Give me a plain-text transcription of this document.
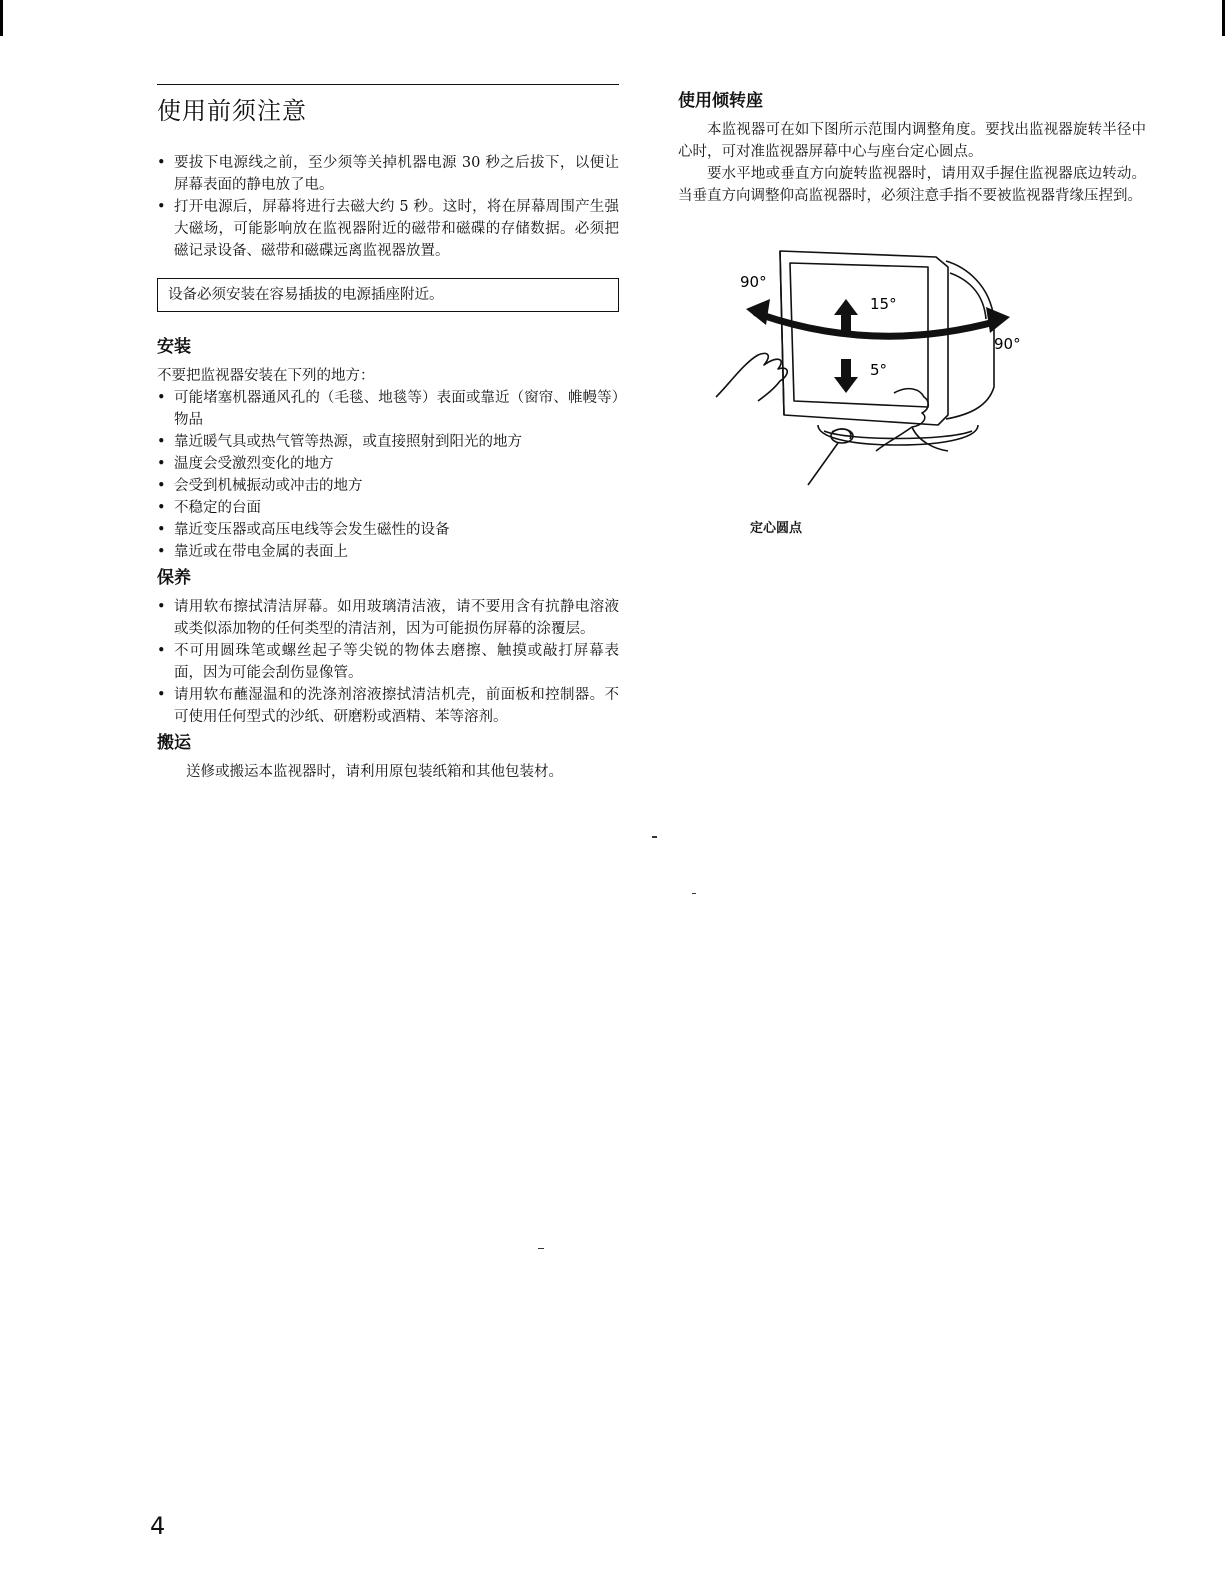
使用前须注意
• 要拔下电源线之前，至少须等关掉机器电源 30 秒之后拔下，以便让屏幕表面的静电放了电。
• 打开电源后，屏幕将进行去磁大约 5 秒。这时，将在屏幕周围产生强大磁场，可能影响放在监视器附近的磁带和磁碟的存储数据。必须把磁记录设备、磁带和磁碟远离监视器放置。
设备必须安装在容易插拔的电源插座附近。
安装

不要把监视器安装在下列的地方：

• 可能堵塞机器通风孔的（毛毯、地毯等）表面或靠近（窗帘、帷幔等）物品
• 靠近暖气具或热气管等热源，或直接照射到阳光的地方
• 温度会受激烈变化的地方
• 会受到机械振动或冲击的地方
• 不稳定的台面
• 靠近变压器或高压电线等会发生磁性的设备
• 靠近或在带电金属的表面上
保养
• 请用软布擦拭清洁屏幕。如用玻璃清洁液，请不要用含有抗静电溶液或类似添加物的任何类型的清洁剂，因为可能损伤屏幕的涂覆层。
• 不可用圆珠笔或螺丝起子等尖锐的物体去磨擦、触摸或敲打屏幕表面，因为可能会刮伤显像管。
• 请用软布蘸湿温和的洗涤剂溶液擦拭清洁机壳，前面板和控制器。不可使用任何型式的沙纸、研磨粉或酒精、苯等溶剂。
搬运

送修或搬运本监视器时，请利用原包装纸箱和其他包装材。

使用倾转座

本监视器可在如下图所示范围内调整角度。要找出监视器旋转半径中心时，可对准监视器屏幕中心与座台定心圆点。

要水平地或垂直方向旋转监视器时，请用双手握住监视器底边转动。当垂直方向调整仰高监视器时，必须注意手指不要被监视器背缘压捏到。

90°
90°
15°
5°
定心圆点
4
